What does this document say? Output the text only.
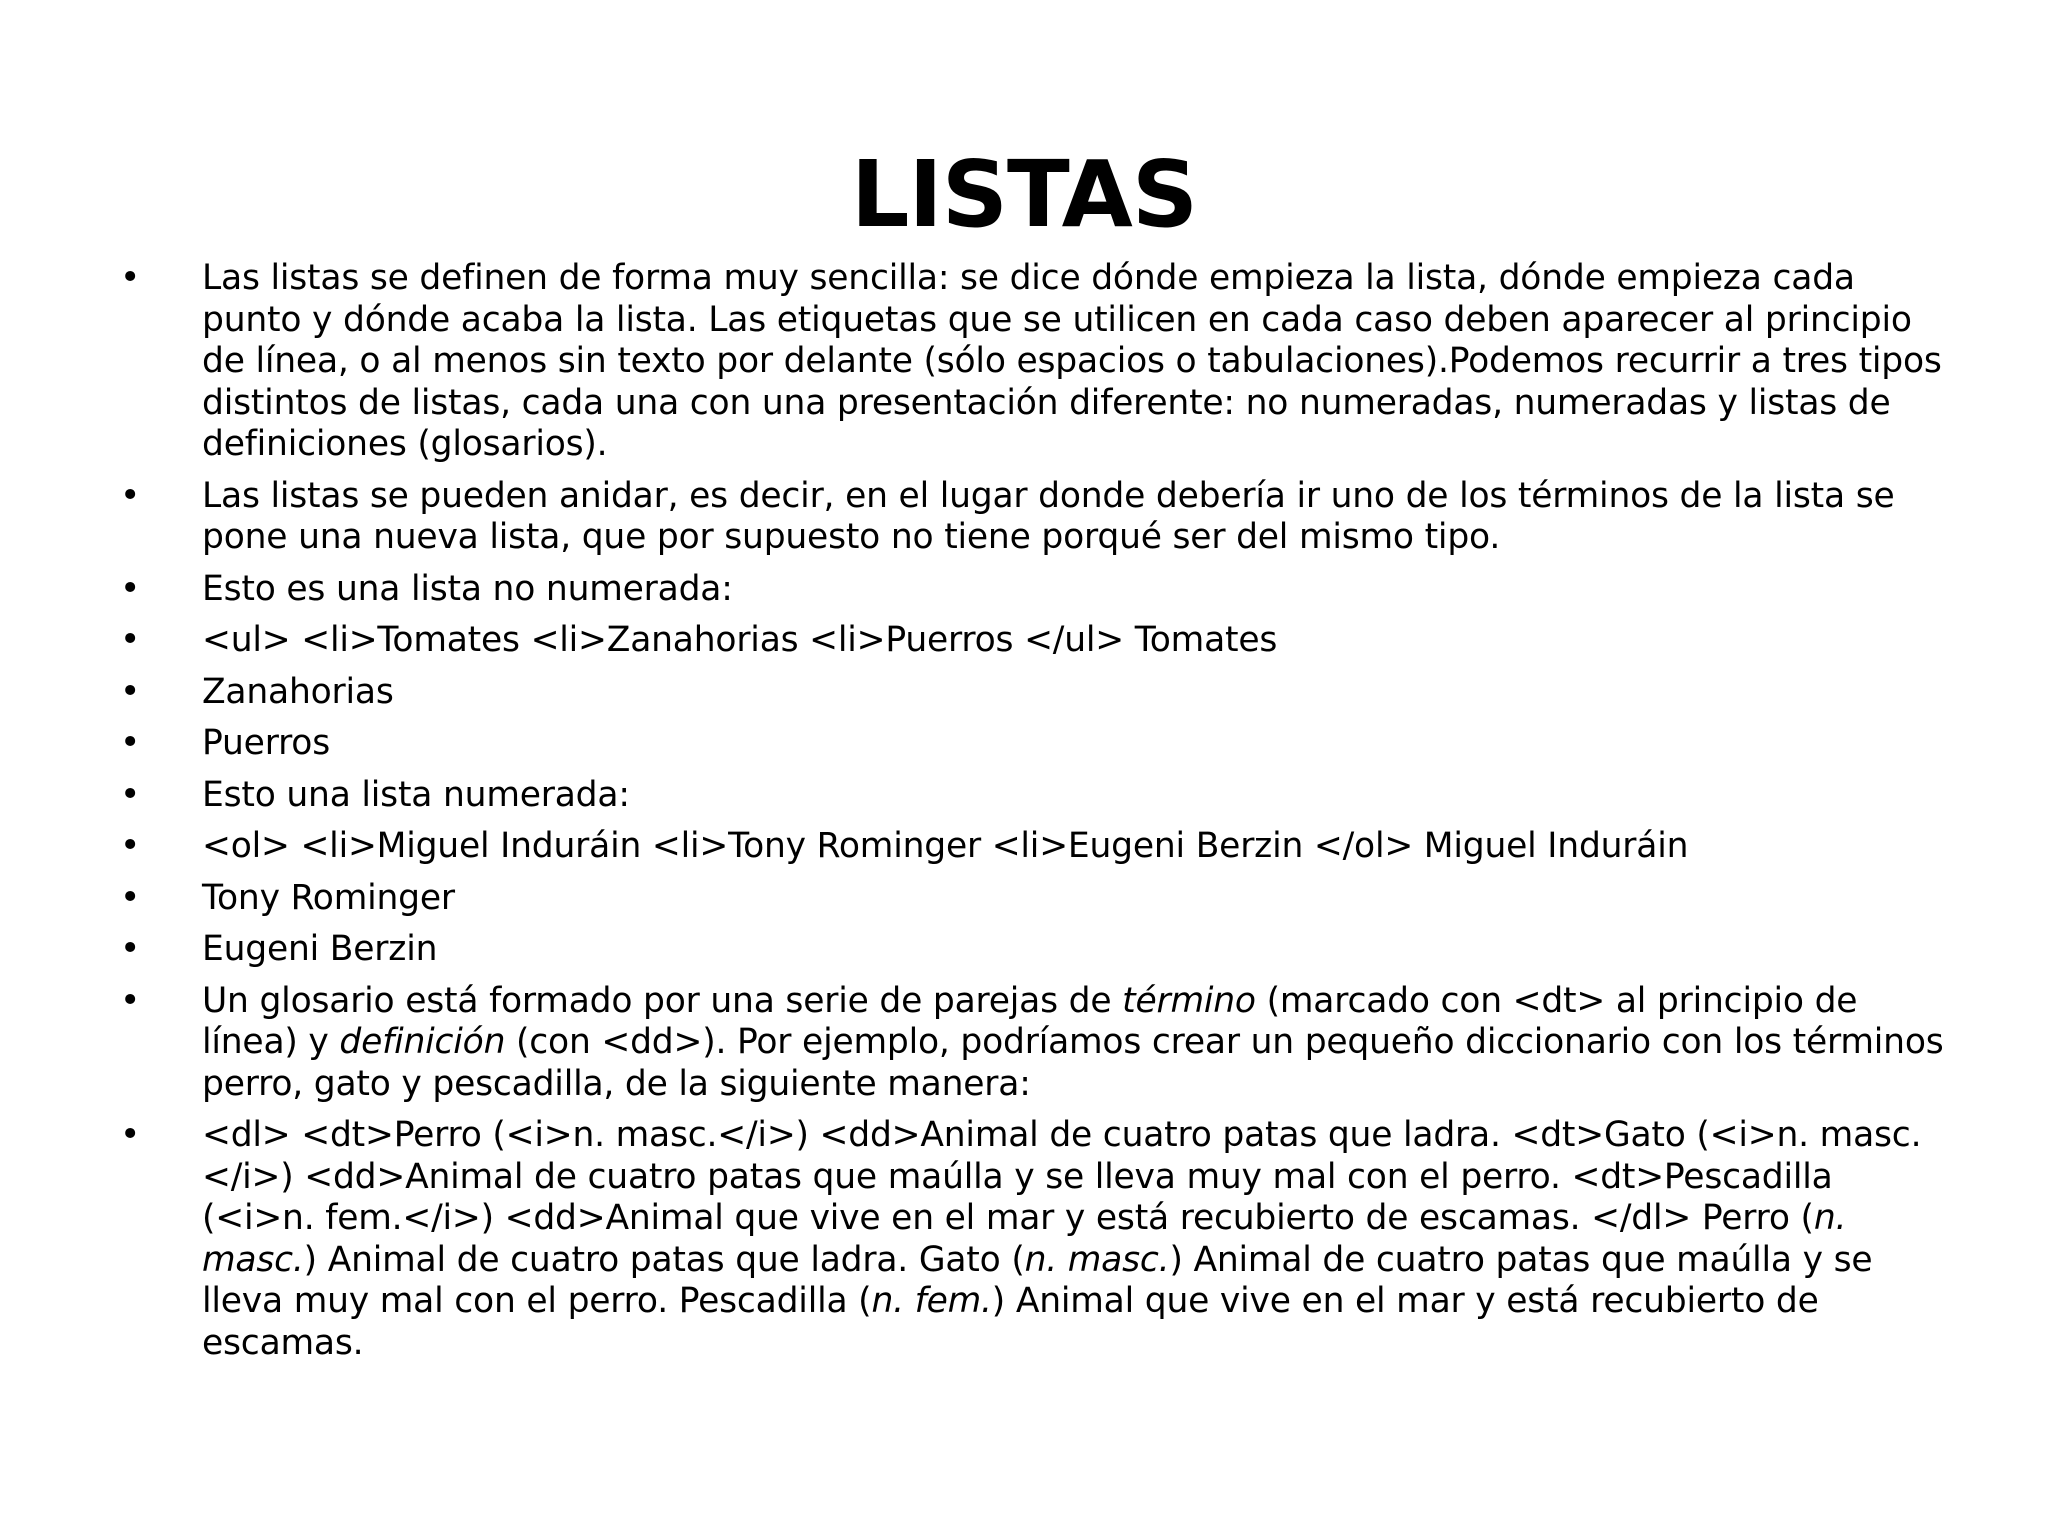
LISTAS
•	Las listas se definen de forma muy sencilla: se dice dónde empieza la lista, dónde empieza cada punto y dónde acaba la lista. Las etiquetas que se utilicen en cada caso deben aparecer al principio de línea, o al menos sin texto por delante (sólo espacios o tabulaciones).Podemos recurrir a tres tipos distintos de listas, cada una con una presentación diferente: no numeradas, numeradas y listas de definiciones (glosarios).
•	Las listas se pueden anidar, es decir, en el lugar donde debería ir uno de los términos de la lista se pone una nueva lista, que por supuesto no tiene porqué ser del mismo tipo.
•	Esto es una lista no numerada:
•	<ul> <li>Tomates <li>Zanahorias <li>Puerros </ul> Tomates
•	Zanahorias
•	Puerros
•	Esto una lista numerada:
•	<ol> <li>Miguel Induráin <li>Tony Rominger <li>Eugeni Berzin </ol> Miguel Induráin
•	Tony Rominger
•	Eugeni Berzin
•	Un glosario está formado por una serie de parejas de término (marcado con <dt> al principio de línea) y definición (con <dd>). Por ejemplo, podríamos crear un pequeño diccionario con los términos perro, gato y pescadilla, de la siguiente manera:
•	<dl> <dt>Perro (<i>n. masc.</i>) <dd>Animal de cuatro patas que ladra. <dt>Gato (<i>n. masc.</i>) <dd>Animal de cuatro patas que maúlla y se lleva muy mal con el perro. <dt>Pescadilla (<i>n. fem.</i>) <dd>Animal que vive en el mar y está recubierto de escamas. </dl> Perro (n. masc.) Animal de cuatro patas que ladra. Gato (n. masc.) Animal de cuatro patas que maúlla y se lleva muy mal con el perro. Pescadilla (n. fem.) Animal que vive en el mar y está recubierto de escamas.
